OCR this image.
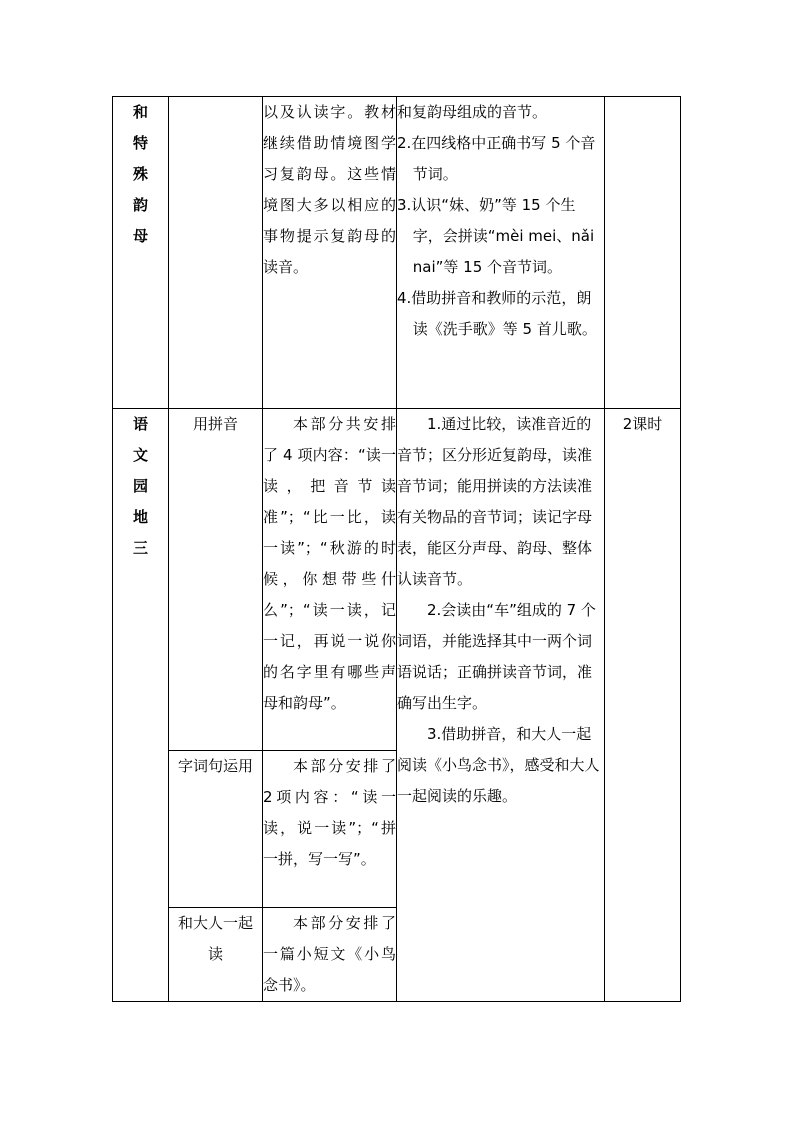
和
特
殊
韵
母		以及认读字。教材继续借助情境图学习复韵母。这些情境图大多以相应的事物提示复韵母的读音。	和复韵母组成的音节。
2.在四线格中正确书写 5 个音节词。
3.认识“妹、奶”等 15 个生字，会拼读“mèi mei、nǎi nai”等 15 个音节词。
4.借助拼音和教师的示范，朗读《洗手歌》等 5 首儿歌。	

语
文
园
地
三	用拼音	本部分共安排了 4 项内容：“读一读，把音节读准”；“比一比，读一读”；“秋游的时候，你想带些什么”；“读一读，记一记，再说一说你的名字里有哪些声母和韵母”。	1.通过比较，读准音近的音节；区分形近复韵母，读准音节词；能用拼读的方法读准有关物品的音节词；读记字母表，能区分声母、韵母、整体认读音节。
2.会读由“车”组成的 7 个词语，并能选择其中一两个词语说话；正确拼读音节词，准确写出生字。
3.借助拼音，和大人一起阅读《小鸟念书》，感受和大人一起阅读的乐趣。	2课时
	字词句运用	本部分安排了 2项内容：“读一读，说一读”；“拼一拼，写一写”。		

	和大人一起读	本部分安排了一篇小短文《小鸟念书》。		
